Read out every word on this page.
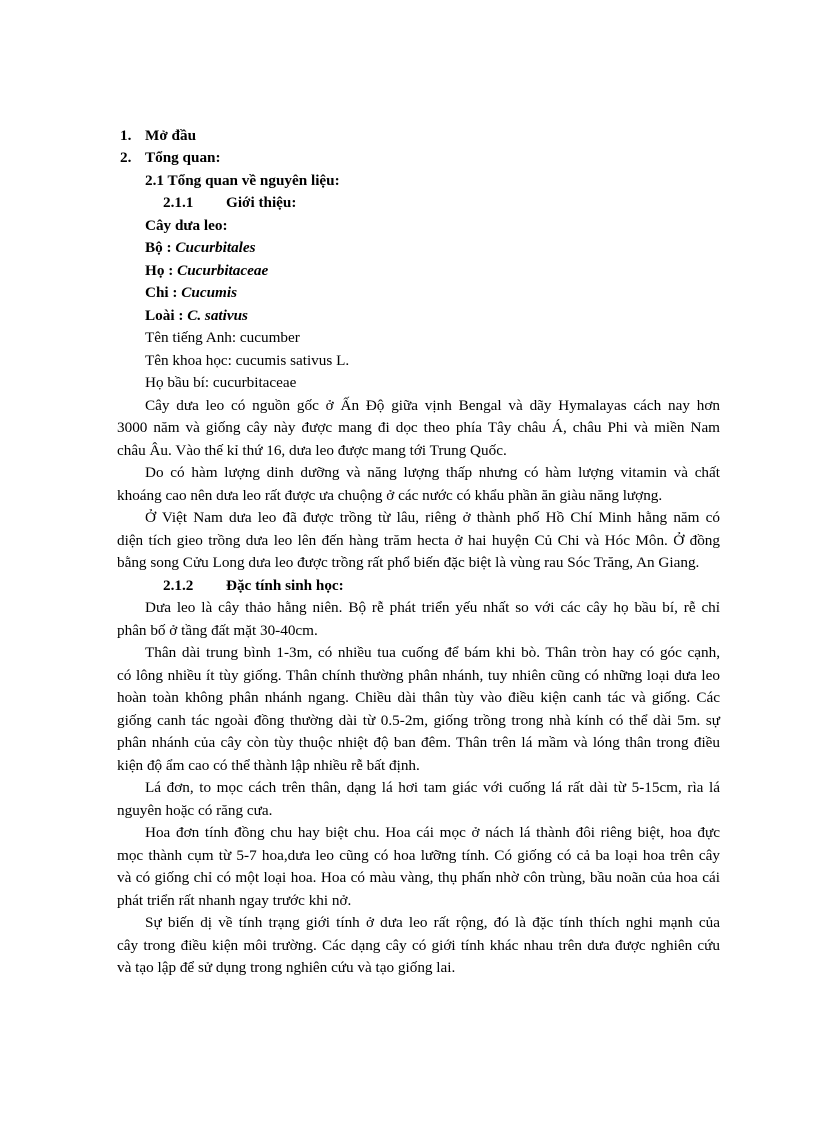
1. Mở đầu
2. Tổng quan:
2.1 Tổng quan về nguyên liệu:
2.1.1 Giới thiệu:
Cây dưa leo:
Bộ : Cucurbitales
Họ : Cucurbitaceae
Chi : Cucumis
Loài : C. sativus
Tên tiếng Anh: cucumber
Tên khoa học: cucumis sativus L.
Họ bầu bí: cucurbitaceae
Cây dưa leo có nguồn gốc ở Ấn Độ giữa vịnh Bengal và dãy Hymalayas cách nay hơn
3000 năm và giống cây này được mang đi dọc theo phía Tây châu Á, châu Phi và miền Nam
châu Âu. Vào thế kỉ thứ 16, dưa leo được mang tới Trung Quốc.
Do có hàm lượng dinh dưỡng và năng lượng thấp nhưng có hàm lượng vitamin và chất
khoáng cao nên dưa leo rất được ưa chuộng ở các nước có khẩu phần ăn giàu năng lượng.
Ở Việt Nam dưa leo đã được trồng từ lâu, riêng ở thành phố Hồ Chí Minh hằng năm có
diện tích gieo trồng dưa leo lên đến hàng trăm hecta ở hai huyện Củ Chi và Hóc Môn. Ở đồng
bằng song Cửu Long dưa leo được trồng rất phổ biến đặc biệt là vùng rau Sóc Trăng, An Giang.
2.1.2 Đặc tính sinh học:
Dưa leo là cây thảo hằng niên. Bộ rễ phát triển yếu nhất so với các cây họ bầu bí, rễ chỉ
phân bố ở tầng đất mặt 30-40cm.
Thân dài trung bình 1-3m, có nhiều tua cuống để bám khi bò. Thân tròn hay có góc cạnh,
có lông nhiều ít tùy giống. Thân chính thường phân nhánh, tuy nhiên cũng có những loại dưa leo
hoàn toàn không phân nhánh ngang. Chiều dài thân tùy vào điều kiện canh tác và giống. Các
giống canh tác ngoài đồng thường dài từ 0.5-2m, giống trồng trong nhà kính có thể dài 5m. sự
phân nhánh của cây còn tùy thuộc nhiệt độ ban đêm. Thân trên lá mầm và lóng thân trong điều
kiện độ ẩm cao có thể thành lập nhiều rễ bất định.
Lá đơn, to mọc cách trên thân, dạng lá hơi tam giác với cuống lá rất dài từ 5-15cm, rìa lá
nguyên hoặc có răng cưa.
Hoa đơn tính đồng chu hay biệt chu. Hoa cái mọc ở nách lá thành đôi riêng biệt, hoa đực
mọc thành cụm từ 5-7 hoa,dưa leo cũng có hoa lưỡng tính. Có giống có cả ba loại hoa trên cây
và có giống chỉ có một loại hoa. Hoa có màu vàng, thụ phấn nhờ côn trùng, bầu noãn của hoa cái
phát triển rất nhanh ngay trước khi nở.
Sự biến dị về tính trạng giới tính ở dưa leo rất rộng, đó là đặc tính thích nghi mạnh của
cây trong điều kiện môi trường. Các dạng cây có giới tính khác nhau trên dưa được nghiên cứu
và tạo lập để sử dụng trong nghiên cứu và tạo giống lai.
